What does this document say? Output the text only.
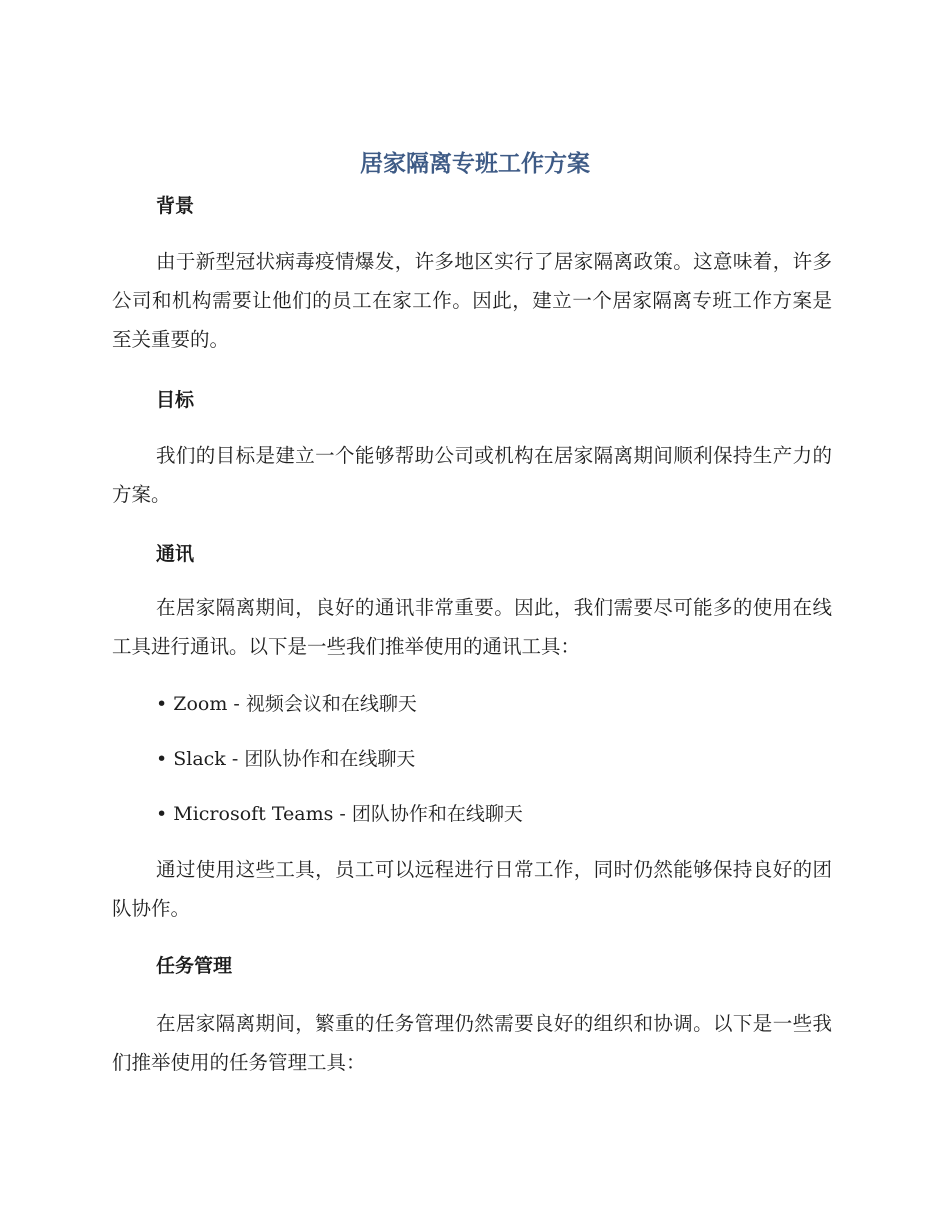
居家隔离专班工作方案
背景
由于新型冠状病毒疫情爆发，许多地区实行了居家隔离政策。这意味着，许多公司和机构需要让他们的员工在家工作。因此，建立一个居家隔离专班工作方案是至关重要的。
目标
我们的目标是建立一个能够帮助公司或机构在居家隔离期间顺利保持生产力的方案。
通讯
在居家隔离期间，良好的通讯非常重要。因此，我们需要尽可能多的使用在线工具进行通讯。以下是一些我们推举使用的通讯工具：
• Zoom - 视频会议和在线聊天
• Slack - 团队协作和在线聊天
• Microsoft Teams - 团队协作和在线聊天
通过使用这些工具，员工可以远程进行日常工作，同时仍然能够保持良好的团队协作。
任务管理
在居家隔离期间，繁重的任务管理仍然需要良好的组织和协调。以下是一些我们推举使用的任务管理工具：
